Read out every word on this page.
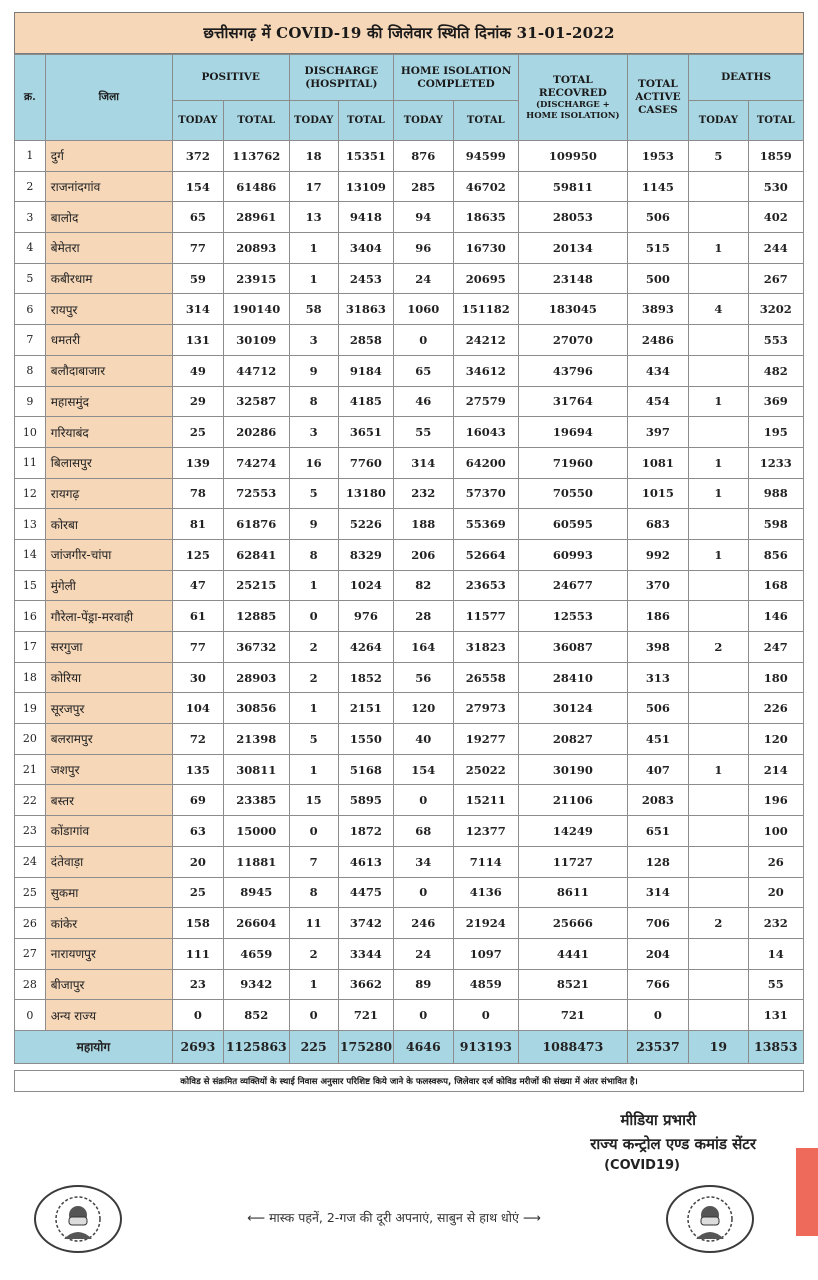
छत्तीसगढ़ में COVID-19 की जिलेवार स्थिति दिनांक 31-01-2022
क्र.	जिला	POSITIVE		DISCHARGE (HOSPITAL)		HOME ISOLATION COMPLETED		TOTAL RECOVRED
(DISCHARGE + HOME ISOLATION)	TOTAL ACTIVE CASES	DEATHS	
		TODAY	TOTAL	TODAY	TOTAL	TODAY	TOTAL			TODAY	TOTAL
1	दुर्ग	372	113762	18	15351	876	94599	109950	1953	5	1859
2	राजनांदगांव	154	61486	17	13109	285	46702	59811	1145		530
3	बालोद	65	28961	13	9418	94	18635	28053	506		402
4	बेमेतरा	77	20893	1	3404	96	16730	20134	515	1	244
5	कबीरधाम	59	23915	1	2453	24	20695	23148	500		267
6	रायपुर	314	190140	58	31863	1060	151182	183045	3893	4	3202
7	धमतरी	131	30109	3	2858	0	24212	27070	2486		553
8	बलौदाबाजार	49	44712	9	9184	65	34612	43796	434		482
9	महासमुंद	29	32587	8	4185	46	27579	31764	454	1	369
10	गरियाबंद	25	20286	3	3651	55	16043	19694	397		195
11	बिलासपुर	139	74274	16	7760	314	64200	71960	1081	1	1233
12	रायगढ़	78	72553	5	13180	232	57370	70550	1015	1	988
13	कोरबा	81	61876	9	5226	188	55369	60595	683		598
14	जांजगीर-चांपा	125	62841	8	8329	206	52664	60993	992	1	856
15	मुंगेली	47	25215	1	1024	82	23653	24677	370		168
16	गौरेला-पेंड्रा-मरवाही	61	12885	0	976	28	11577	12553	186		146
17	सरगुजा	77	36732	2	4264	164	31823	36087	398	2	247
18	कोरिया	30	28903	2	1852	56	26558	28410	313		180
19	सूरजपुर	104	30856	1	2151	120	27973	30124	506		226
20	बलरामपुर	72	21398	5	1550	40	19277	20827	451		120
21	जशपुर	135	30811	1	5168	154	25022	30190	407	1	214
22	बस्तर	69	23385	15	5895	0	15211	21106	2083		196
23	कोंडागांव	63	15000	0	1872	68	12377	14249	651		100
24	दंतेवाड़ा	20	11881	7	4613	34	7114	11727	128		26
25	सुकमा	25	8945	8	4475	0	4136	8611	314		20
26	कांकेर	158	26604	11	3742	246	21924	25666	706	2	232
27	नारायणपुर	111	4659	2	3344	24	1097	4441	204		14
28	बीजापुर	23	9342	1	3662	89	4859	8521	766		55
0	अन्य राज्य	0	852	0	721	0	0	721	0		131
महायोग		2693	1125863	225	175280	4646	913193	1088473	23537	19	13853
कोविड से संक्रमित व्यक्तियों के स्थाई निवास अनुसार परिशिष्ट किये जाने के फलस्वरूप, जिलेवार दर्ज कोविड मरीजों की संख्या में अंतर संभावित है।
मीडिया प्रभारी
राज्य कन्ट्रोल एण्ड कमांड सेंटर
(COVID19)
⟵ मास्क पहनें, 2-गज की दूरी अपनाएं, साबुन से हाथ धोएं ⟶
